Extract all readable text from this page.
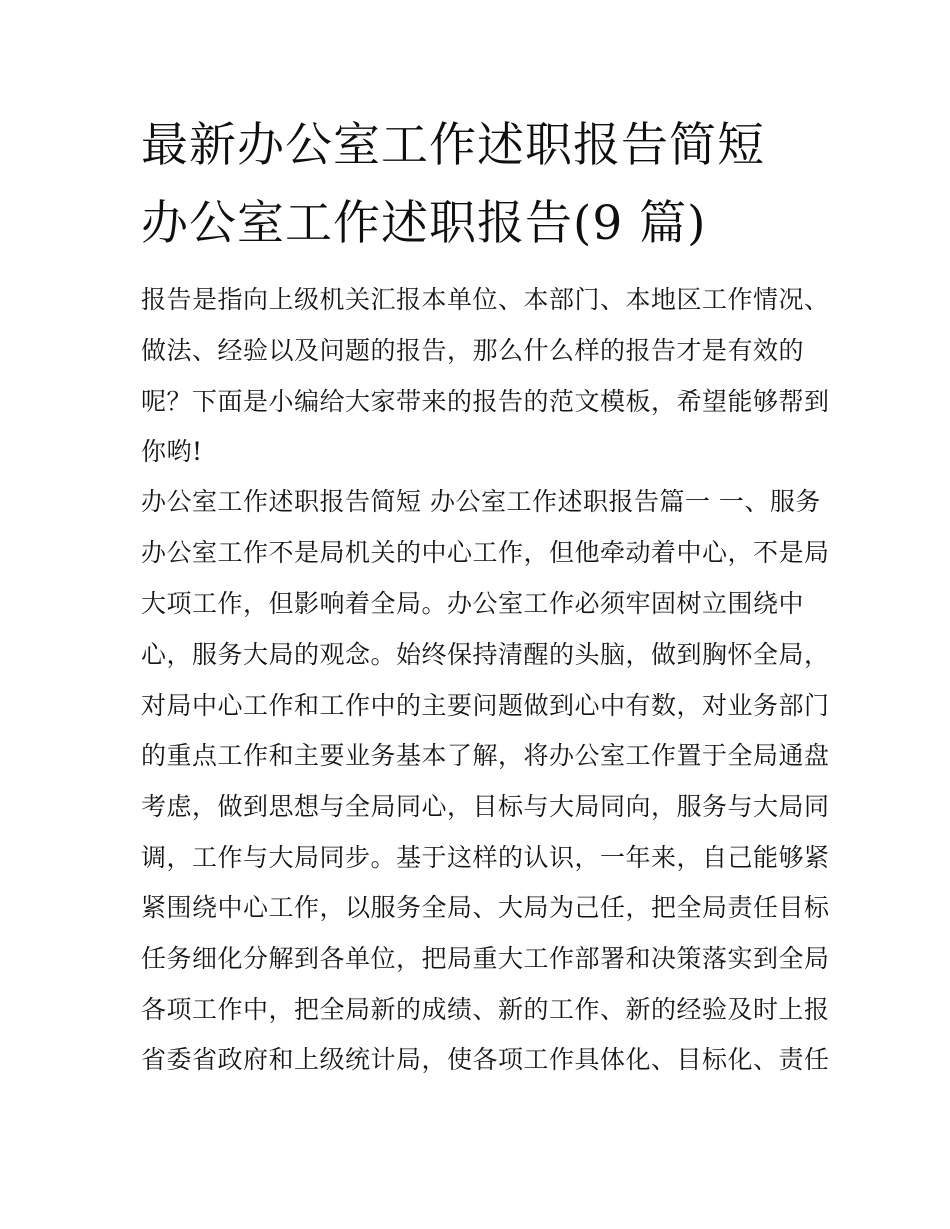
最新办公室工作述职报告简短
办公室工作述职报告(9 篇)
报告是指向上级机关汇报本单位、本部门、本地区工作情况、
做法、经验以及问题的报告，那么什么样的报告才是有效的
呢？下面是小编给大家带来的报告的范文模板，希望能够帮到
你哟!
办公室工作述职报告简短 办公室工作述职报告篇一 一、服务
办公室工作不是局机关的中心工作，但他牵动着中心，不是局
大项工作，但影响着全局。办公室工作必须牢固树立围绕中
心，服务大局的观念。始终保持清醒的头脑，做到胸怀全局，
对局中心工作和工作中的主要问题做到心中有数，对业务部门
的重点工作和主要业务基本了解，将办公室工作置于全局通盘
考虑，做到思想与全局同心，目标与大局同向，服务与大局同
调，工作与大局同步。基于这样的认识，一年来，自己能够紧
紧围绕中心工作，以服务全局、大局为己任，把全局责任目标
任务细化分解到各单位，把局重大工作部署和决策落实到全局
各项工作中，把全局新的成绩、新的工作、新的经验及时上报
省委省政府和上级统计局，使各项工作具体化、目标化、责任
